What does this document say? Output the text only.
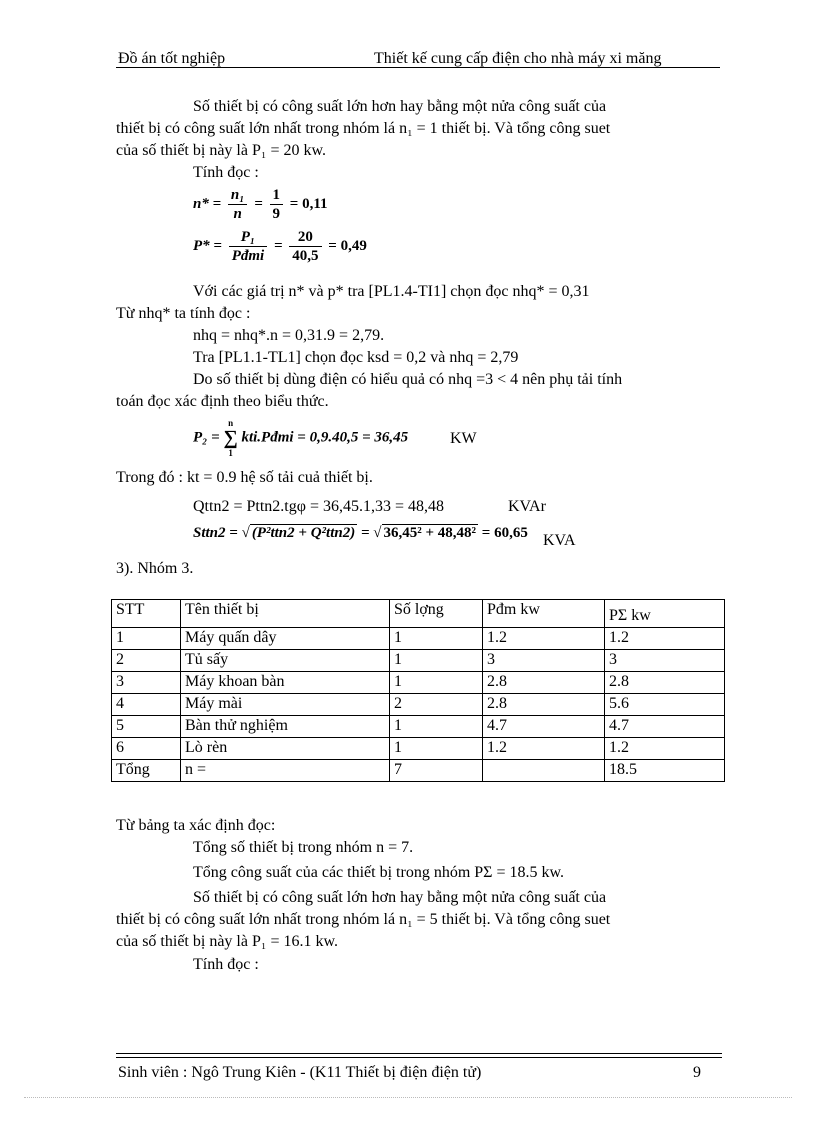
Đồ án tốt nghiệp	Thiết kế cung cấp điện cho nhà máy xi măng
Số thiết bị có công suất lớn hơn hay bằng một nửa công suất của
thiết bị có công suất lớn nhất trong nhóm lá n₁ = 1 thiết bị. Và tổng công suet
của số thiết bị này là P₁ = 20 kw.
Tính đọc :
$n* = \frac{\text{n₁}}{n} = \frac{1}{9} = 0,11$
$P* = \frac{\text{P₁}}{\text{Pđmi}} = \frac{20}{40,5} = 0,49$
Với các giá trị n* và p* tra [PL1.4-TI1] chọn đọc nhq* = 0,31
Từ nhq* ta tính đọc :
nhq = nhq*.n = 0,31.9 = 2,79.
Tra [PL1.1-TL1] chọn đọc ksd = 0,2 và nhq = 2,79
Do số thiết bị dùng điện có hiểu quả có nhq =3 < 4 nên phụ tải tính
toán đọc xác định theo biểu thức.
P₂ =
n
∑
1
kti.Pđmi = 0,9.40,5 = 36,45	KW
Trong đó : kt = 0.9 hệ số tải cuả thiết bị.
Qttn2 = Pttn2.tgφ = 36,45.1,33 = 48,48	KVAr
Sttn2 = √ (P²ttn2 + Q²ttn2) = √ 36,45² + 48,48² = 60,65 KVA
3). Nhóm 3.
STT	Tên thiết bị	Số lợng	Pđm kw	PΣ kw
1	Máy quấn dây	1	1.2	1.2
2	Tủ sấy	1	3	3
3	Máy khoan bàn	1	2.8	2.8
4	Máy mài	2	2.8	5.6
5	Bàn thử nghiệm	1	4.7	4.7
6	Lò rèn	1	1.2	1.2
Tổng	n =	7		18.5
Từ bảng ta xác định đọc:
Tổng số thiết bị trong nhóm n = 7.
Tổng công suất của các thiết bị trong nhóm PΣ = 18.5 kw.
Số thiết bị có công suất lớn hơn hay bằng một nửa công suất của
thiết bị có công suất lớn nhất trong nhóm lá n₁ = 5 thiết bị. Và tổng công suet
của số thiết bị này là P₁ = 16.1 kw.
Tính đọc :
Sinh viên : Ngô Trung Kiên - (K11 Thiết bị điện điện tử)	9
